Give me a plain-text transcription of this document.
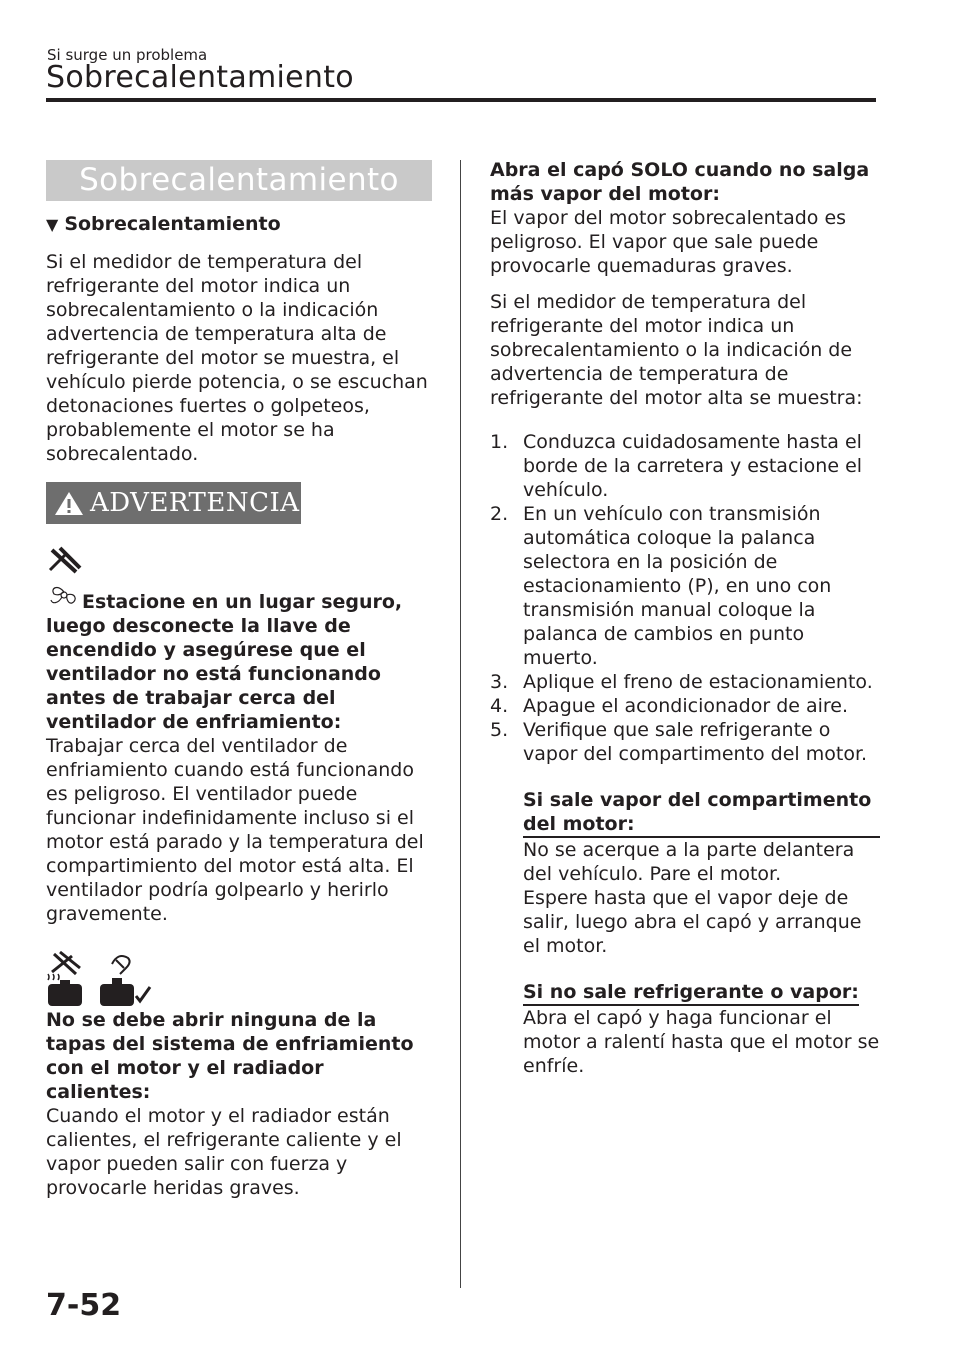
Si surge un problema
Sobrecalentamiento
Sobrecalentamiento
▼ Sobrecalentamiento

Si el medidor de temperatura del refrigerante del motor indica un sobrecalentamiento o la indicación advertencia de temperatura alta de refrigerante del motor se muestra, el vehículo pierde potencia, o se escuchan detonaciones fuertes o golpeteos, probablemente el motor se ha sobrecalentado.

ADVERTENCIA

Estacione en un lugar seguro, luego desconecte la llave de encendido y asegúrese que el ventilador no está funcionando antes de trabajar cerca del ventilador de enfriamiento:

Trabajar cerca del ventilador de enfriamiento cuando está funcionando es peligroso. El ventilador puede funcionar indefinidamente incluso si el motor está parado y la temperatura del compartimiento del motor está alta. El ventilador podría golpearlo y herirlo gravemente.

No se debe abrir ninguna de la tapas del sistema de enfriamiento con el motor y el radiador calientes:

Cuando el motor y el radiador están calientes, el refrigerante caliente y el vapor pueden salir con fuerza y provocarle heridas graves.

Abra el capó SOLO cuando no salga más vapor del motor:

El vapor del motor sobrecalentado es peligroso. El vapor que sale puede provocarle quemaduras graves.

Si el medidor de temperatura del refrigerante del motor indica un sobrecalentamiento o la indicación de advertencia de temperatura de refrigerante del motor alta se muestra:

1. Conduzca cuidadosamente hasta el borde de la carretera y estacione el vehículo.
2. En un vehículo con transmisión automática coloque la palanca selectora en la posición de estacionamiento (P), en uno con transmisión manual coloque la palanca de cambios en punto muerto.
3. Aplique el freno de estacionamiento.
4. Apague el acondicionador de aire.
5. Verifique que sale refrigerante o vapor del compartimento del motor.
Si sale vapor del compartimento del motor:

No se acerque a la parte delantera del vehículo. Pare el motor.

Espere hasta que el vapor deje de salir, luego abra el capó y arranque el motor.

Si no sale refrigerante o vapor:

Abra el capó y haga funcionar el motor a ralentí hasta que el motor se enfríe.

7-52
